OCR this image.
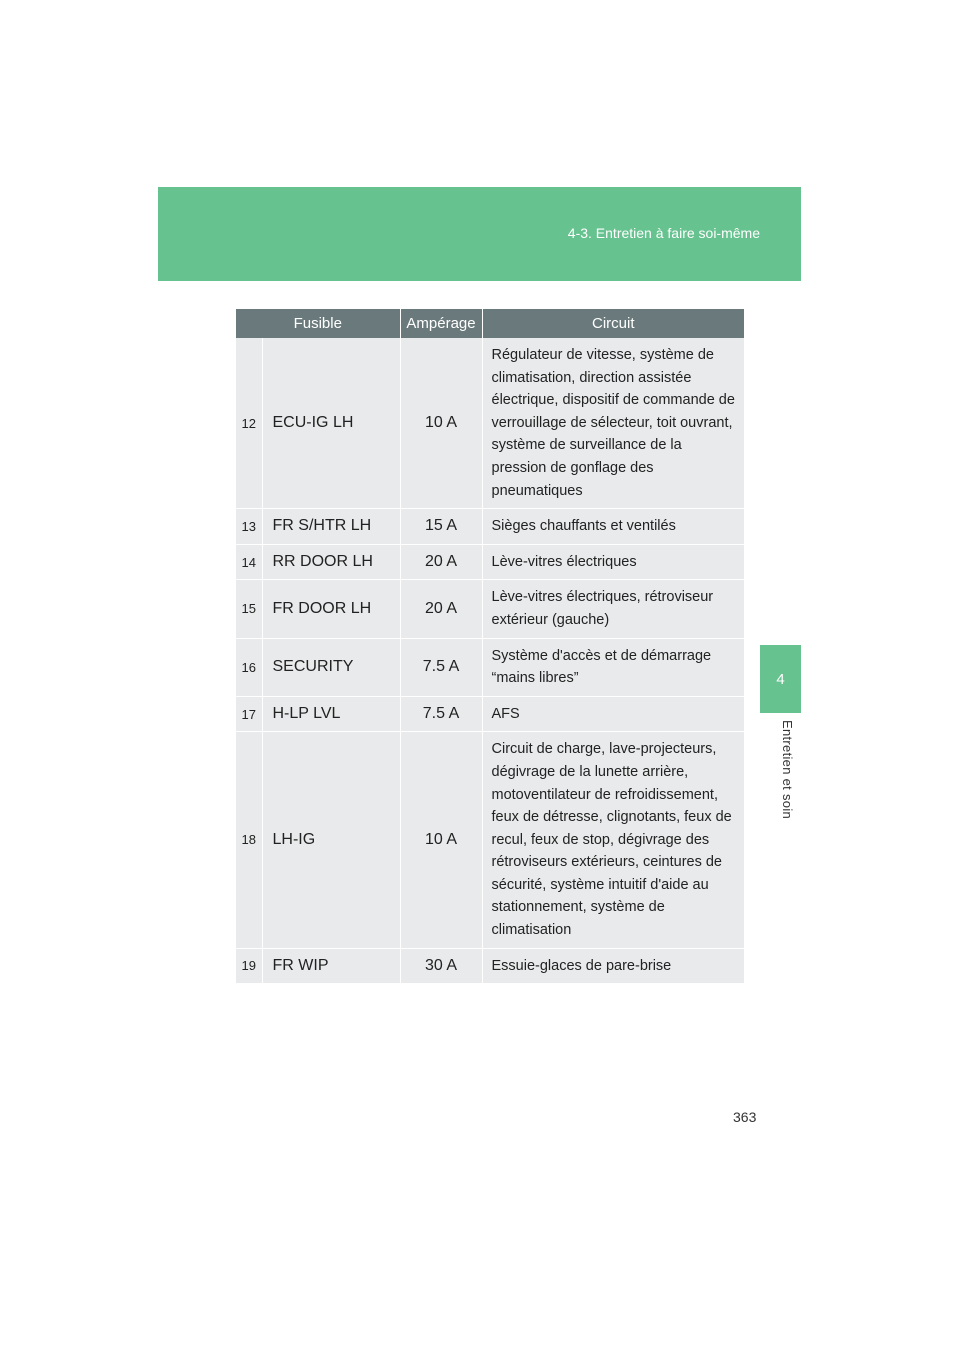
4-3. Entretien à faire soi-même
4
Entretien et soin
Fusible		Ampérage	Circuit
12	ECU-IG LH	10 A	Régulateur de vitesse, système de climatisation, direction assistée électrique, dispositif de commande de verrouillage de sélecteur, toit ouvrant, système de surveillance de la pression de gonflage des pneumatiques
13	FR S/HTR LH	15 A	Sièges chauffants et ventilés
14	RR DOOR LH	20 A	Lève-vitres électriques
15	FR DOOR LH	20 A	Lève-vitres électriques, rétroviseur extérieur (gauche)
16	SECURITY	7.5 A	Système d'accès et de démarrage “mains libres”
17	H-LP LVL	7.5 A	AFS
18	LH-IG	10 A	Circuit de charge, lave-projecteurs, dégivrage de la lunette arrière, motoventilateur de refroidissement, feux de détresse, clignotants, feux de recul, feux de stop, dégivrage des rétroviseurs extérieurs, ceintures de sécurité, système intuitif d'aide au stationnement, système de climatisation
19	FR WIP	30 A	Essuie-glaces de pare-brise
363
